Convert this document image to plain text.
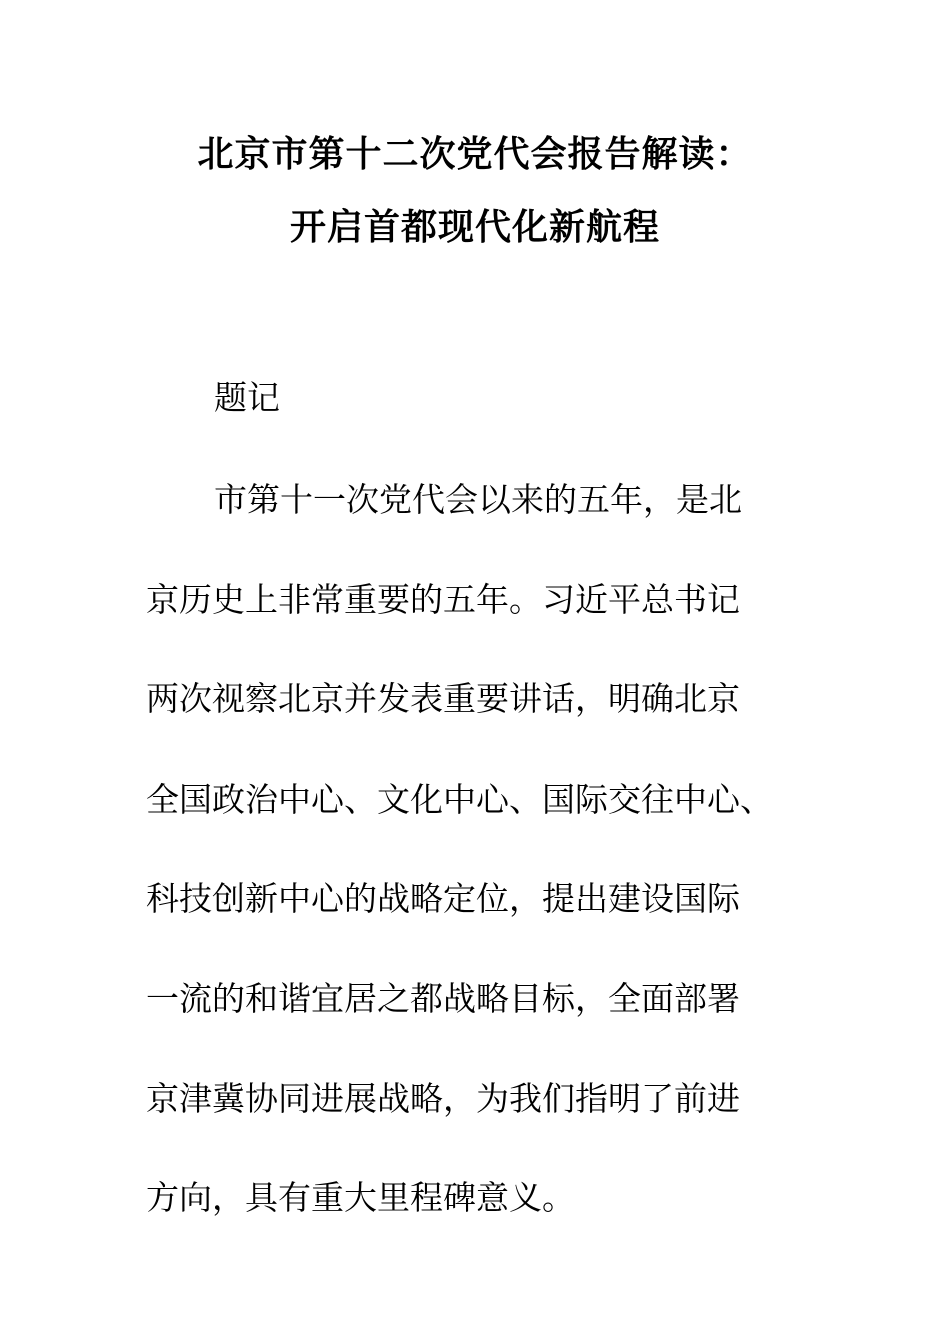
北京市第十二次党代会报告解读：
开启首都现代化新航程
题记
市第十一次党代会以来的五年，是北
京历史上非常重要的五年。习近平总书记
两次视察北京并发表重要讲话，明确北京
全国政治中心、文化中心、国际交往中心、
科技创新中心的战略定位，提出建设国际
一流的和谐宜居之都战略目标，全面部署
京津冀协同进展战略，为我们指明了前进
方向，具有重大里程碑意义。
